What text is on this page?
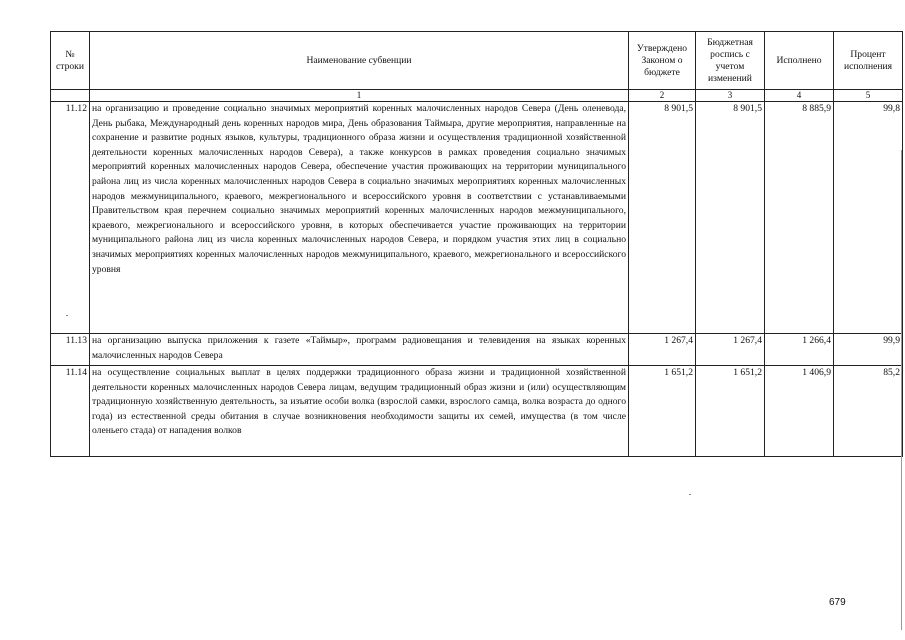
№ строки	Наименование субвенции	Утверждено Законом о бюджете	Бюджетная роспись с учетом изменений	Исполнено	Процент исполнения
	1	2	3	4	5
11.12	на организацию и проведение социально значимых мероприятий коренных малочисленных народов Севера (День оленевода, День рыбака, Международный день коренных народов мира, День образования Таймыра, другие мероприятия, направленные на сохранение и развитие родных языков, культуры, традиционного образа жизни и осуществления традиционной хозяйственной деятельности коренных малочисленных народов Севера), а также конкурсов в рамках проведения социально значимых мероприятий коренных малочисленных народов Севера, обеспечение участия проживающих на территории муниципального района лиц из числа коренных малочисленных народов Севера в социально значимых мероприятиях коренных малочисленных народов межмуниципального, краевого, межрегионального и всероссийского уровня в соответствии с устанавливаемыми Правительством края перечнем социально значимых мероприятий коренных малочисленных народов межмуниципального, краевого, межрегионального и всероссийского уровня, в которых обеспечивается участие проживающих на территории муниципального района лиц из числа коренных малочисленных народов Севера, и порядком участия этих лиц в социально значимых мероприятиях коренных малочисленных народов межмуниципального, краевого, межрегионального и всероссийского уровня	8 901,5	8 901,5	8 885,9	99,8
11.13	на организацию выпуска приложения к газете «Таймыр», программ радиовещания и телевидения на языках коренных малочисленных народов Севера	1 267,4	1 267,4	1 266,4	99,9
11.14	на осуществление социальных выплат в целях поддержки традиционного образа жизни и традиционной хозяйственной деятельности коренных малочисленных народов Севера лицам, ведущим традиционный образ жизни и (или) осуществляющим традиционную хозяйственную деятельность, за изъятие особи волка (взрослой самки, взрослого самца, волка возраста до одного года) из естественной среды обитания в случае возникновения необходимости защиты их семей, имущества (в том числе оленьего стада) от нападения волков	1 651,2	1 651,2	1 406,9	85,2
679
